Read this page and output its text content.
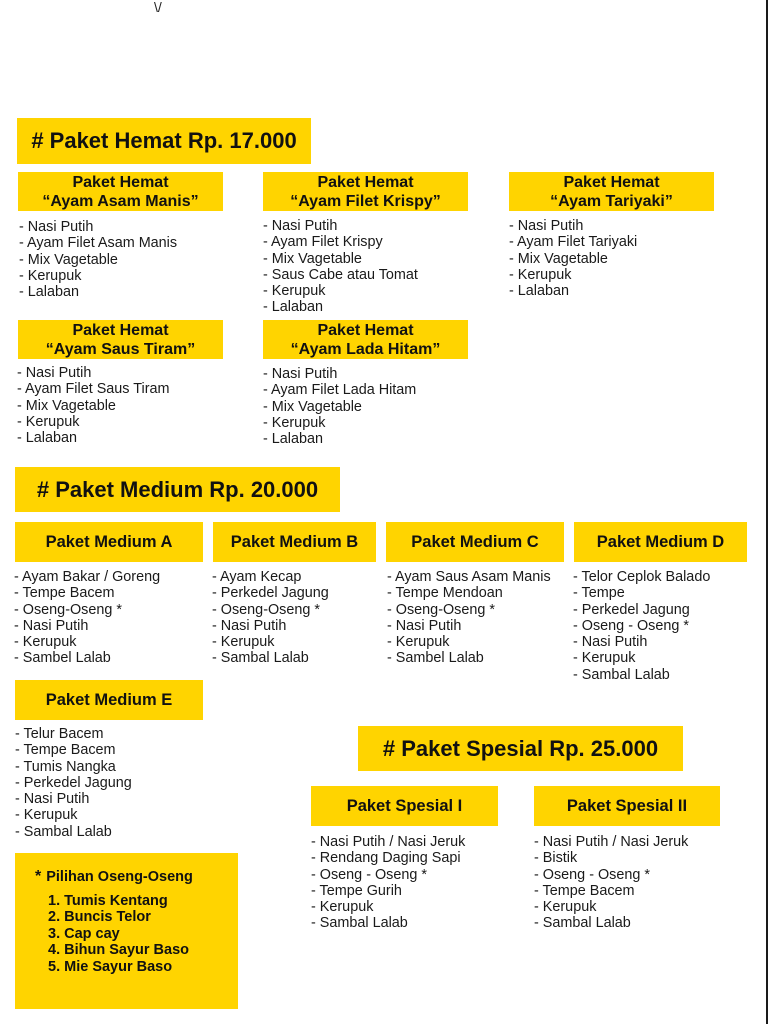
\/
# Paket Hemat Rp. 17.000
# Paket Medium Rp. 20.000
# Paket Spesial Rp. 25.000
Paket Hemat
“Ayam Asam Manis”
- Nasi Putih
- Ayam Filet Asam Manis
- Mix Vagetable
- Kerupuk
- Lalaban
Paket Hemat
“Ayam Filet Krispy”
- Nasi Putih
- Ayam Filet Krispy
- Mix Vagetable
- Saus Cabe atau Tomat
- Kerupuk
- Lalaban
Paket Hemat
“Ayam Tariyaki”
- Nasi Putih
- Ayam Filet Tariyaki
- Mix Vagetable
- Kerupuk
- Lalaban
Paket Hemat
“Ayam Saus Tiram”
- Nasi Putih
- Ayam Filet Saus Tiram
- Mix Vagetable
- Kerupuk
- Lalaban
Paket Hemat
“Ayam Lada Hitam”
- Nasi Putih
- Ayam Filet Lada Hitam
- Mix Vagetable
- Kerupuk
- Lalaban
Paket Medium A
- Ayam Bakar / Goreng
- Tempe Bacem
- Oseng-Oseng *
- Nasi Putih
- Kerupuk
- Sambel Lalab
Paket Medium B
- Ayam Kecap
- Perkedel Jagung
- Oseng-Oseng *
- Nasi Putih
- Kerupuk
- Sambal Lalab
Paket Medium C
- Ayam Saus Asam Manis
- Tempe Mendoan
- Oseng-Oseng *
- Nasi Putih
- Kerupuk
- Sambel Lalab
Paket Medium D
- Telor Ceplok Balado
- Tempe
- Perkedel Jagung
- Oseng - Oseng *
- Nasi Putih
- Kerupuk
- Sambal Lalab
Paket Medium E
- Telur Bacem
- Tempe Bacem
- Tumis Nangka
- Perkedel Jagung
- Nasi Putih
- Kerupuk
- Sambal Lalab
Paket Spesial I
- Nasi Putih / Nasi Jeruk
- Rendang Daging Sapi
- Oseng - Oseng *
- Tempe Gurih
- Kerupuk
- Sambal Lalab
Paket Spesial II
- Nasi Putih / Nasi Jeruk
- Bistik
- Oseng - Oseng *
- Tempe Bacem
- Kerupuk
- Sambal Lalab
* Pilihan Oseng-Oseng
1. Tumis Kentang
2. Buncis Telor
3. Cap cay
4. Bihun Sayur Baso
5. Mie Sayur Baso
